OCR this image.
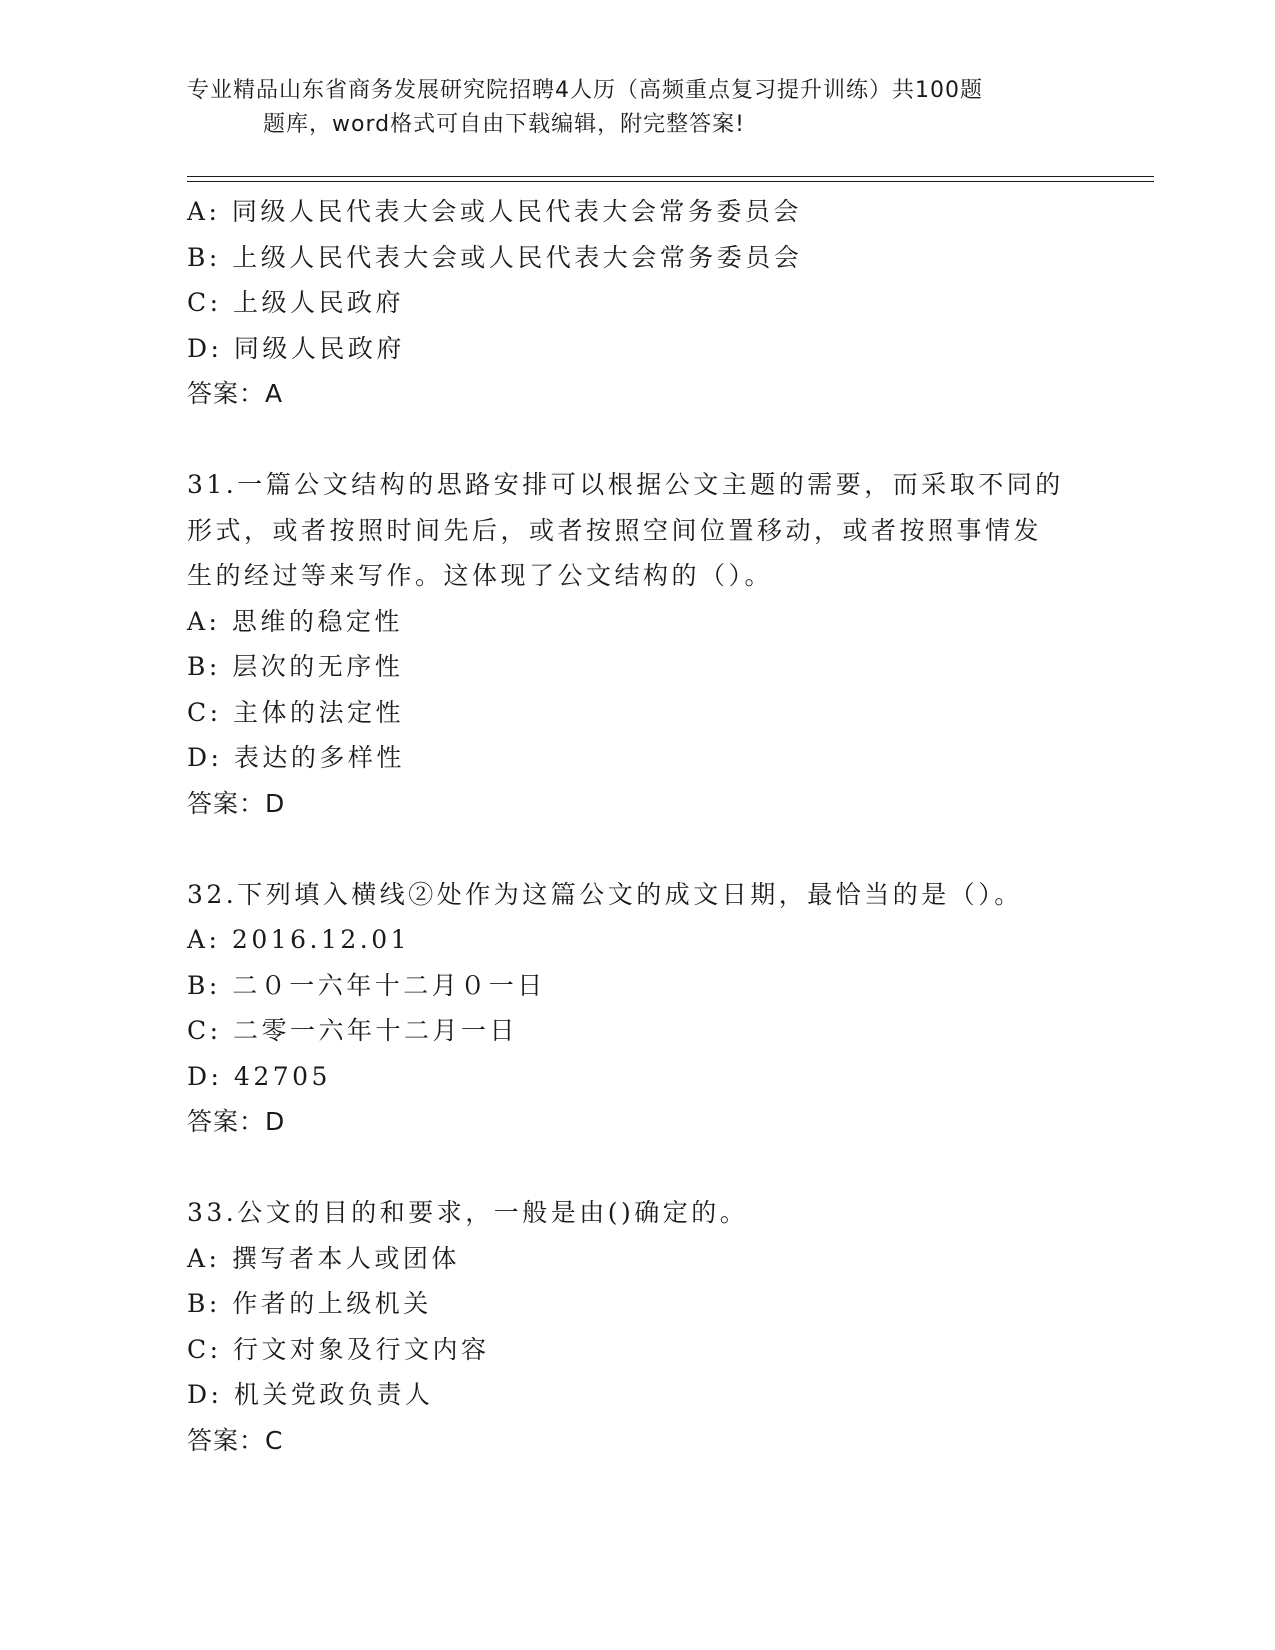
专业精品山东省商务发展研究院招聘4人历（高频重点复习提升训练）共100题
题库，word格式可自由下载编辑，附完整答案!
A: 同级人民代表大会或人民代表大会常务委员会
B: 上级人民代表大会或人民代表大会常务委员会
C: 上级人民政府
D: 同级人民政府
答案：A
31.一篇公文结构的思路安排可以根据公文主题的需要，而采取不同的
形式，或者按照时间先后，或者按照空间位置移动，或者按照事情发
生的经过等来写作。这体现了公文结构的（）。
A: 思维的稳定性
B: 层次的无序性
C: 主体的法定性
D: 表达的多样性
答案：D
32.下列填入横线②处作为这篇公文的成文日期，最恰当的是（）。
A: 2016.12.01
B: 二０一六年十二月０一日
C: 二零一六年十二月一日
D: 42705
答案：D
33.公文的目的和要求，一般是由()确定的。
A: 撰写者本人或团体
B: 作者的上级机关
C: 行文对象及行文内容
D: 机关党政负责人
答案：C
